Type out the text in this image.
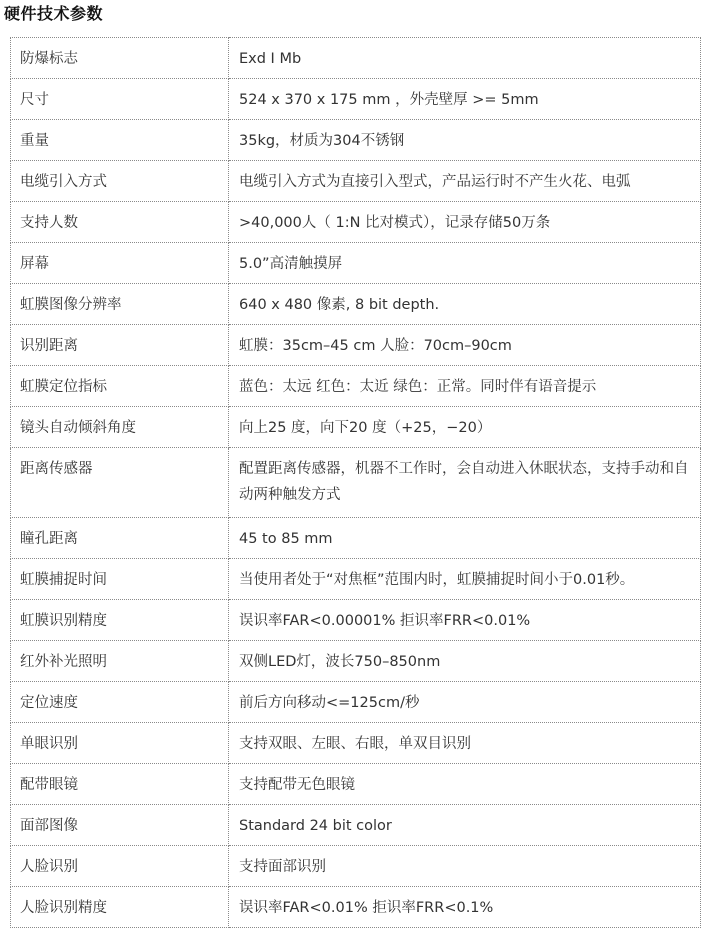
硬件技术参数
防爆标志	Exd I Mb
尺寸	524 x 370 x 175 mm ，外壳壁厚 >= 5mm
重量	35kg，材质为304不锈钢
电缆引入方式	电缆引入方式为直接引入型式，产品运行时不产生火花、电弧
支持人数	>40,000人（ 1:N 比对模式），记录存储50万条
屏幕	5.0”高清触摸屏
虹膜图像分辨率	640 x 480 像素, 8 bit depth.
识别距离	虹膜：35cm–45 cm 人脸：70cm–90cm
虹膜定位指标	蓝色：太远 红色：太近 绿色：正常。同时伴有语音提示
镜头自动倾斜角度	向上25 度，向下20 度（+25，−20）
距离传感器	配置距离传感器，机器不工作时，会自动进入休眠状态，支持手动和自动两种触发方式
瞳孔距离	45 to 85 mm
虹膜捕捉时间	当使用者处于“对焦框”范围内时，虹膜捕捉时间小于0.01秒。
虹膜识别精度	误识率FAR<0.00001% 拒识率FRR<0.01%
红外补光照明	双侧LED灯，波长750–850nm
定位速度	前后方向移动<=125cm/秒
单眼识别	支持双眼、左眼、右眼，单双目识别
配带眼镜	支持配带无色眼镜
面部图像	Standard 24 bit color
人脸识别	支持面部识别
人脸识别精度	误识率FAR<0.01% 拒识率FRR<0.1%
